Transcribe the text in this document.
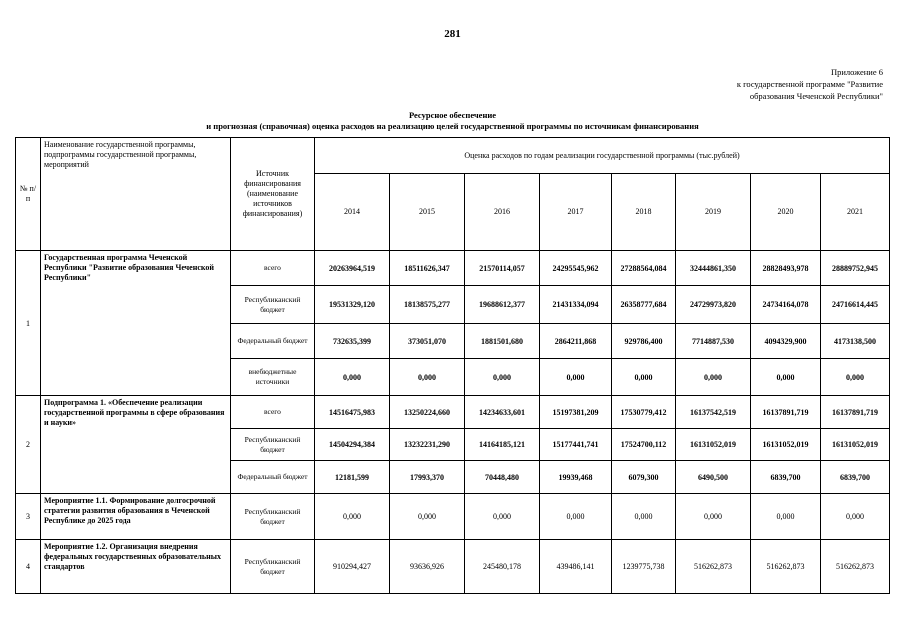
281
Приложение 6
к государственной программе "Развитие
образования Чеченской Республики"
Ресурсное обеспечение
и прогнозная (справочная) оценка расходов на реализацию целей государственной программы по источникам финансирования
№ п/п	Наименование государственной программы, подпрограммы государственной программы, мероприятий	Источник финансирования (наименование источников финансирования)	Оценка расходов по годам реализации государственной программы (тыс.рублей)							
			2014	2015	2016	2017	2018	2019	2020	2021
1	Государственная программа Чеченской Республики "Развитие образования Чеченской Республики"	всего	20263964,519	18511626,347	21570114,057	24295545,962	27288564,084	32444861,350	28828493,978	28889752,945
		Республиканский бюджет	19531329,120	18138575,277	19688612,377	21431334,094	26358777,684	24729973,820	24734164,078	24716614,445
		Федеральный бюджет	732635,399	373051,070	1881501,680	2864211,868	929786,400	7714887,530	4094329,900	4173138,500
		внебюджетные источники	0,000	0,000	0,000	0,000	0,000	0,000	0,000	0,000
2	Подпрограмма 1. «Обеспечение реализации государственной программы в сфере образования и науки»	всего	14516475,983	13250224,660	14234633,601	15197381,209	17530779,412	16137542,519	16137891,719	16137891,719
		Республиканский бюджет	14504294,384	13232231,290	14164185,121	15177441,741	17524700,112	16131052,019	16131052,019	16131052,019
		Федеральный бюджет	12181,599	17993,370	70448,480	19939,468	6079,300	6490,500	6839,700	6839,700
3	Мероприятие 1.1. Формирование долгосрочной стратегии развития образования в Чеченской Республике до 2025 года	Республиканский бюджет	0,000	0,000	0,000	0,000	0,000	0,000	0,000	0,000
4	Мероприятие 1.2. Организация внедрения федеральных государственных образовательных стандартов	Республиканский бюджет	910294,427	93636,926	245480,178	439486,141	1239775,738	516262,873	516262,873	516262,873
